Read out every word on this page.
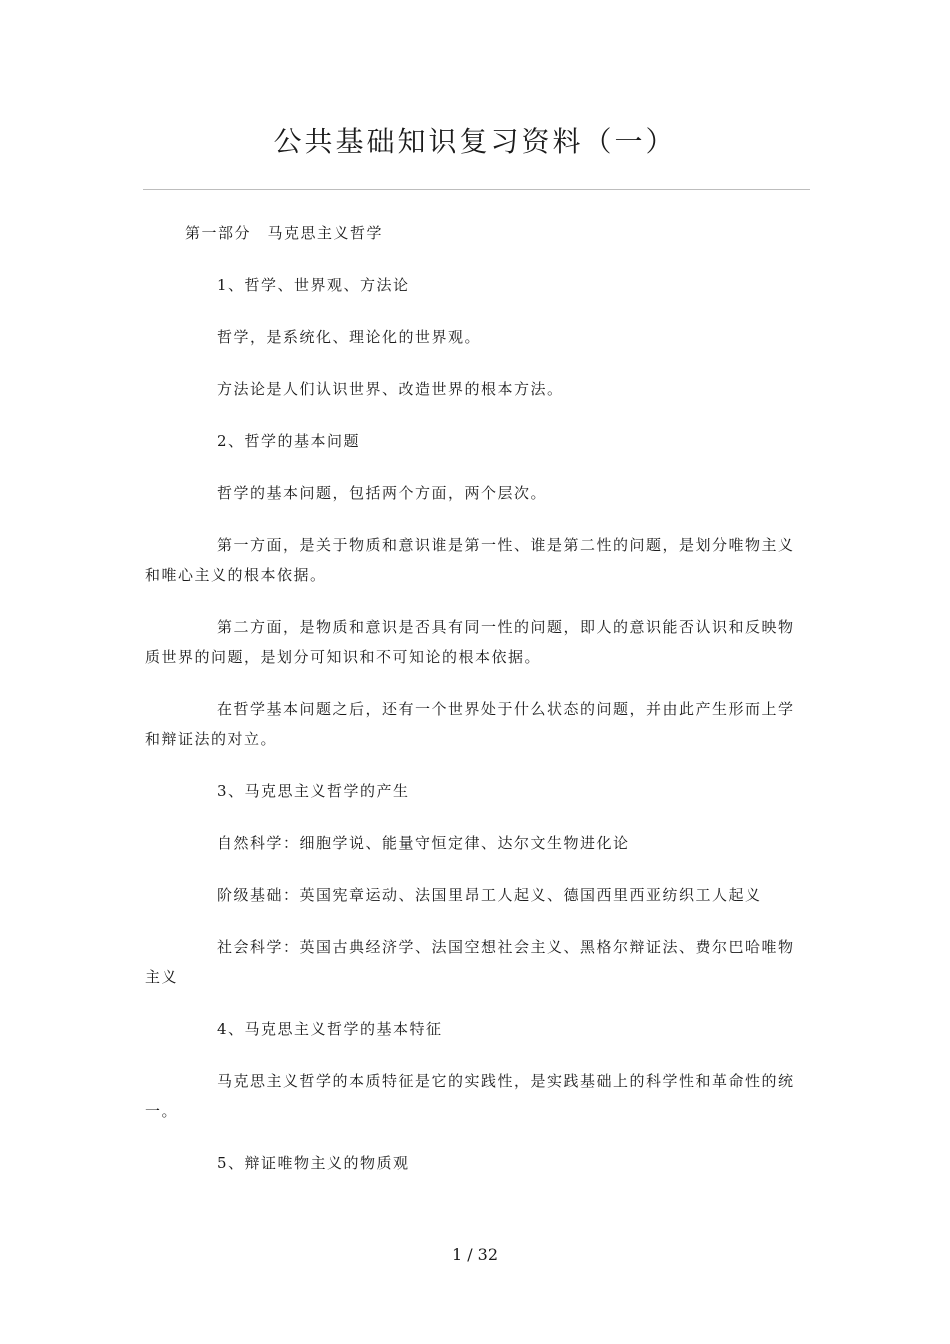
公共基础知识复习资料（一）

第一部分　马克思主义哲学

1、哲学、世界观、方法论

哲学，是系统化、理论化的世界观。

方法论是人们认识世界、改造世界的根本方法。

2、哲学的基本问题

哲学的基本问题，包括两个方面，两个层次。

第一方面，是关于物质和意识谁是第一性、谁是第二性的问题，是划分唯物主义和唯心主义的根本依据。

第二方面，是物质和意识是否具有同一性的问题，即人的意识能否认识和反映物质世界的问题，是划分可知识和不可知论的根本依据。

在哲学基本问题之后，还有一个世界处于什么状态的问题，并由此产生形而上学和辩证法的对立。

3、马克思主义哲学的产生

自然科学：细胞学说、能量守恒定律、达尔文生物进化论

阶级基础：英国宪章运动、法国里昂工人起义、德国西里西亚纺织工人起义

社会科学：英国古典经济学、法国空想社会主义、黑格尔辩证法、费尔巴哈唯物主义

4、马克思主义哲学的基本特征

马克思主义哲学的本质特征是它的实践性，是实践基础上的科学性和革命性的统一。

5、辩证唯物主义的物质观

1 / 32
